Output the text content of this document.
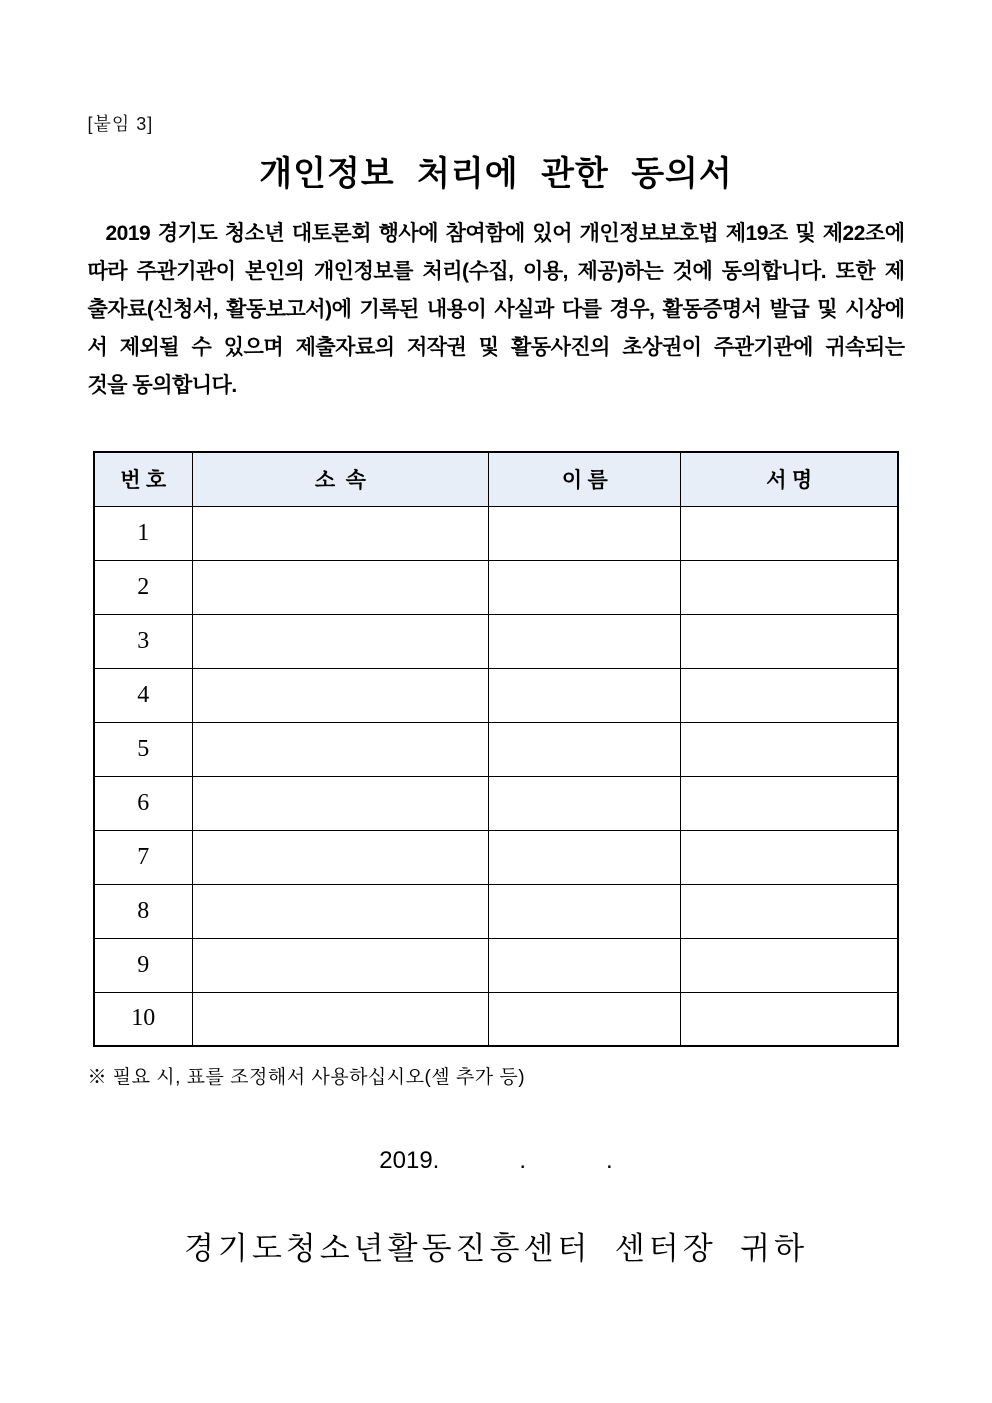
[붙임 3]
개인정보 처리에 관한 동의서
2019 경기도 청소년 대토론회 행사에 참여함에 있어 개인정보보호법 제19조 및 제22조에
따라 주관기관이 본인의 개인정보를 처리(수집, 이용, 제공)하는 것에 동의합니다. 또한 제
출자료(신청서, 활동보고서)에 기록된 내용이 사실과 다를 경우, 활동증명서 발급 및 시상에
서 제외될 수 있으며 제출자료의 저작권 및 활동사진의 초상권이 주관기관에 귀속되는
것을 동의합니다.
번 호	소  속	이 름	서 명
1			
2			
3			
4			
5			
6			
7			
8			
9			
10			
※ 필요 시, 표를 조정해서 사용하십시오(셀 추가 등)
2019.            .            .
경기도청소년활동진흥센터  센터장  귀하
